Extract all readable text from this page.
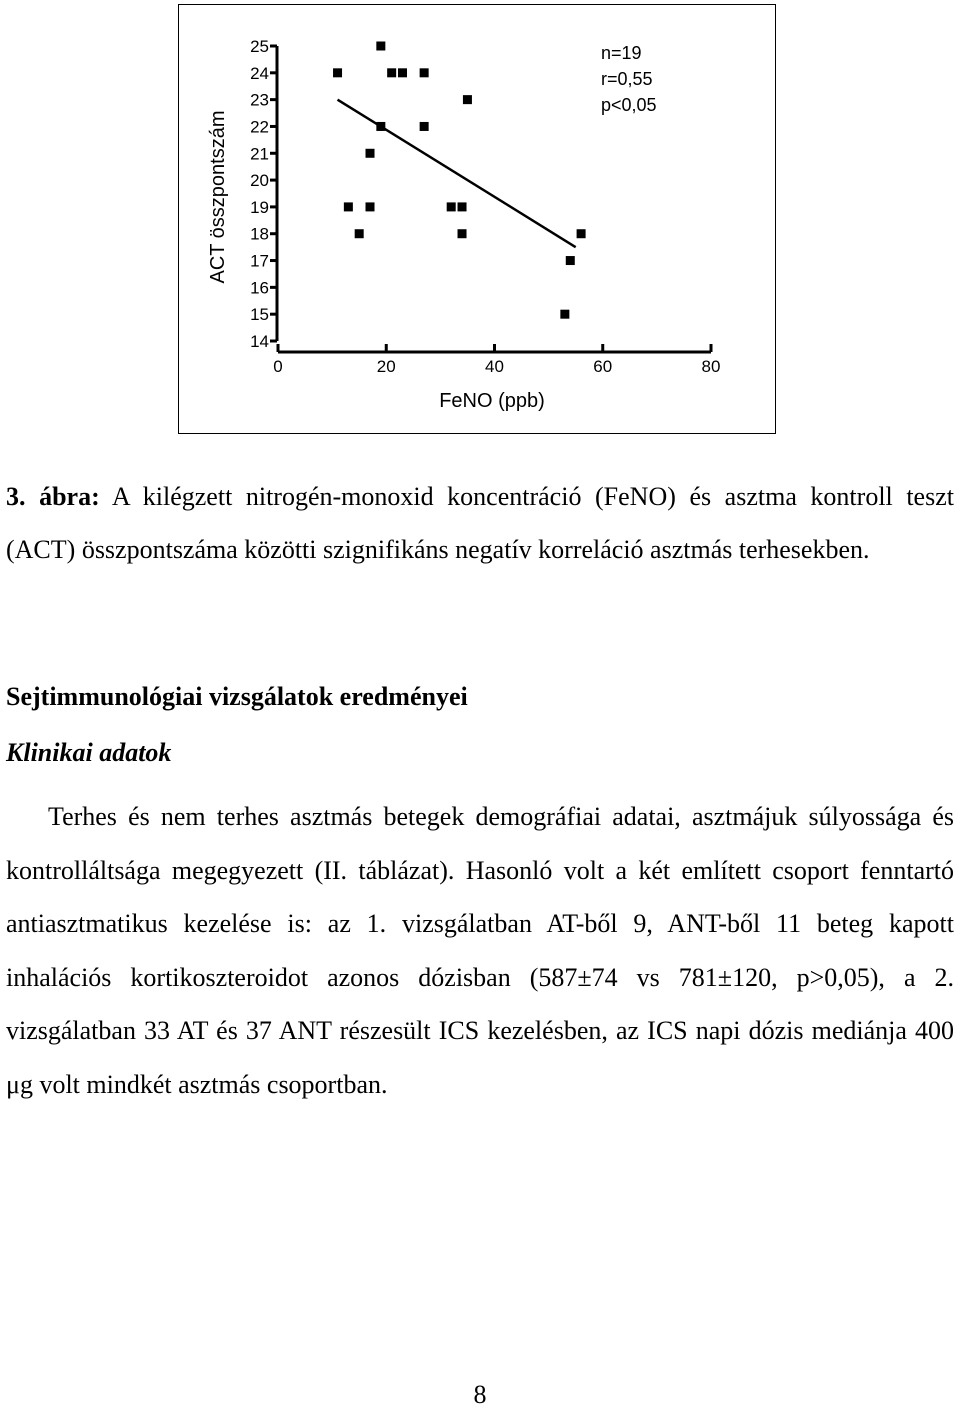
25
24
23
22
21
20
19
18
17
16
15
14
0	20	40	60	80
n=19
r=0,55
p<0,05
ACT összpontszám
FeNO (ppb)

3. ábra: A kilégzett nitrogén-monoxid koncentráció (FeNO) és asztma kontroll teszt (ACT) összpontszáma közötti szignifikáns negatív korreláció asztmás terhesekben.

Sejtimmunológiai vizsgálatok eredményei
Klinikai adatok

Terhes és nem terhes asztmás betegek demográfiai adatai, asztmájuk súlyossága és kontrolláltsága megegyezett (II. táblázat). Hasonló volt a két említett csoport fenntartó antiasztmatikus kezelése is: az 1. vizsgálatban AT-ből 9, ANT-ből 11 beteg kapott inhalációs kortikoszteroidot azonos dózisban (587±74 vs 781±120, p>0,05), a 2. vizsgálatban 33 AT és 37 ANT részesült ICS kezelésben, az ICS napi dózis mediánja 400 μg volt mindkét asztmás csoportban.

8
